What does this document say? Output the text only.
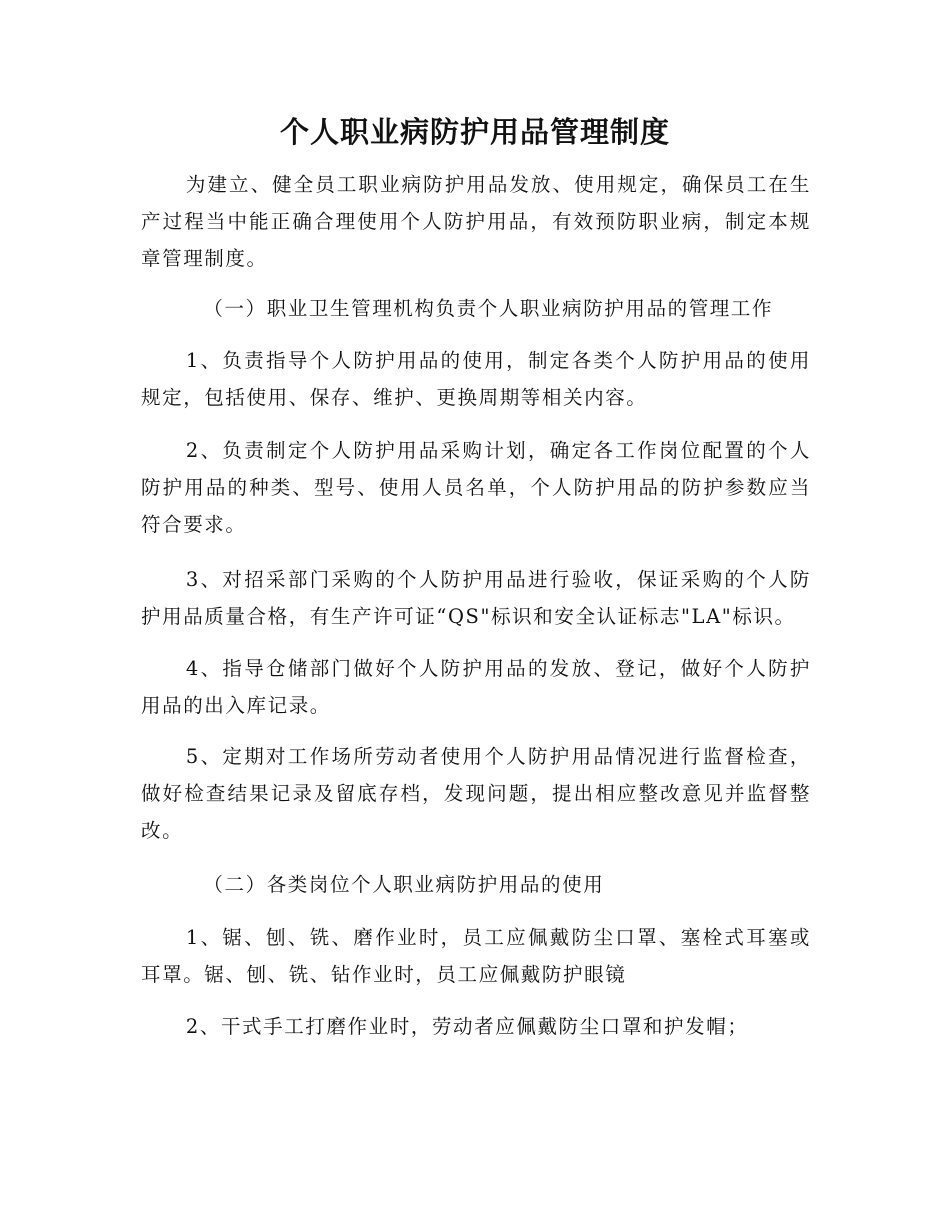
个人职业病防护用品管理制度

为建立、健全员工职业病防护用品发放、使用规定，确保员工在生产过程当中能正确合理使用个人防护用品，有效预防职业病，制定本规章管理制度。

（一）职业卫生管理机构负责个人职业病防护用品的管理工作

1、负责指导个人防护用品的使用，制定各类个人防护用品的使用规定，包括使用、保存、维护、更换周期等相关内容。

2、负责制定个人防护用品采购计划，确定各工作岗位配置的个人防护用品的种类、型号、使用人员名单，个人防护用品的防护参数应当符合要求。

3、对招采部门采购的个人防护用品进行验收，保证采购的个人防护用品质量合格，有生产许可证“QS"标识和安全认证标志"LA"标识。

4、指导仓储部门做好个人防护用品的发放、登记，做好个人防护用品的出入库记录。

5、定期对工作场所劳动者使用个人防护用品情况进行监督检查，做好检查结果记录及留底存档，发现问题，提出相应整改意见并监督整改。

（二）各类岗位个人职业病防护用品的使用

1、锯、刨、铣、磨作业时，员工应佩戴防尘口罩、塞栓式耳塞或耳罩。锯、刨、铣、钻作业时，员工应佩戴防护眼镜

2、干式手工打磨作业时，劳动者应佩戴防尘口罩和护发帽；
